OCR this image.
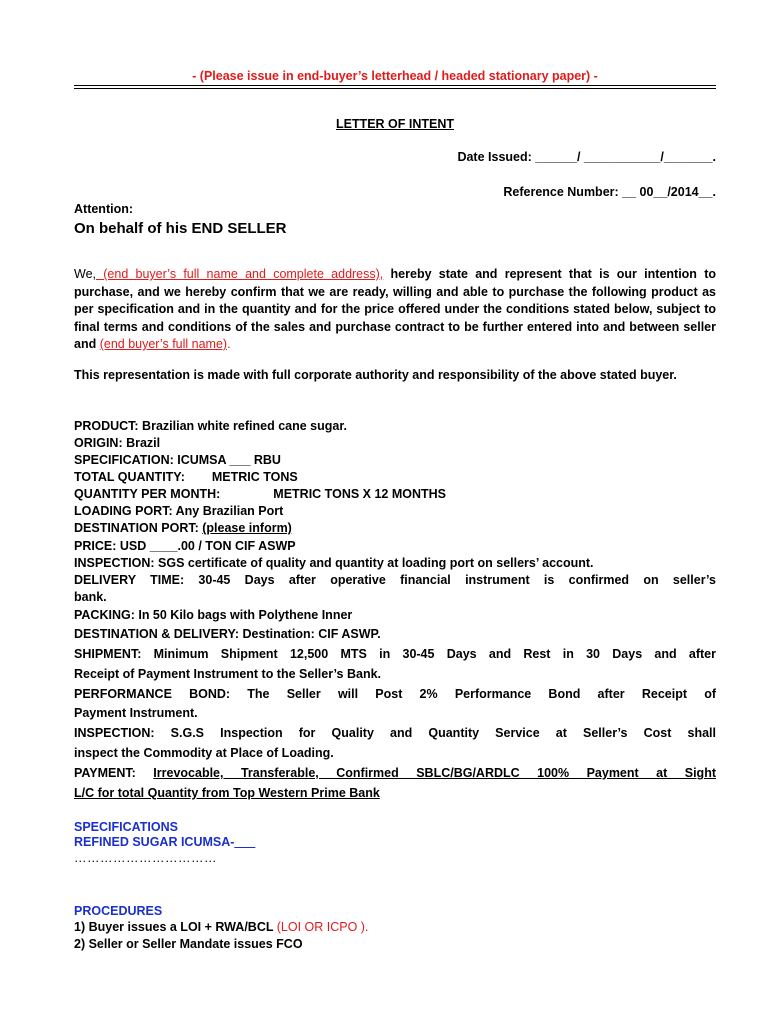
- (Please issue in end-buyer’s letterhead / headed stationary paper) -
LETTER OF INTENT
Date Issued: ______/ ___________/_______.
Reference Number: __ 00__/2014__.
Attention:
On behalf of his END SELLER
We, (end buyer’s full name and complete address), hereby state and represent that is our intention to purchase, and we hereby confirm that we are ready, willing and able to purchase the following product as per specification and in the quantity and for the price offered under the conditions stated below, subject to final terms and conditions of the sales and purchase contract to be further entered into and between seller and (end buyer’s full name).
This representation is made with full corporate authority and responsibility of the above stated buyer.
PRODUCT: Brazilian white refined cane sugar.
ORIGIN: Brazil
SPECIFICATION: ICUMSA ___ RBU
TOTAL QUANTITY: METRIC TONS
QUANTITY PER MONTH:	METRIC TONS X 12 MONTHS
LOADING PORT: Any Brazilian Port
DESTINATION PORT: (please inform)
PRICE: USD ____.00 / TON CIF ASWP
INSPECTION: SGS certificate of quality and quantity at loading port on sellers’ account.
DELIVERY TIME: 30-45 Days after operative financial instrument is confirmed on seller’s
bank.
PACKING: In 50 Kilo bags with Polythene Inner
DESTINATION & DELIVERY: Destination: CIF ASWP.
SHIPMENT: Minimum Shipment 12,500 MTS in 30-45 Days and Rest in 30 Days and after
Receipt of Payment Instrument to the Seller’s Bank.
PERFORMANCE BOND: The Seller will Post 2% Performance Bond after Receipt of
Payment Instrument.
INSPECTION: S.G.S Inspection for Quality and Quantity Service at Seller’s Cost shall
inspect the Commodity at Place of Loading.
PAYMENT: Irrevocable, Transferable, Confirmed SBLC/BG/ARDLC 100% Payment at Sight
L/C for total Quantity from Top Western Prime Bank
SPECIFICATIONS
REFINED SUGAR ICUMSA-___
……………………………
PROCEDURES
1) Buyer issues a LOI + RWA/BCL (LOI OR ICPO ).
2) Seller or Seller Mandate issues FCO
